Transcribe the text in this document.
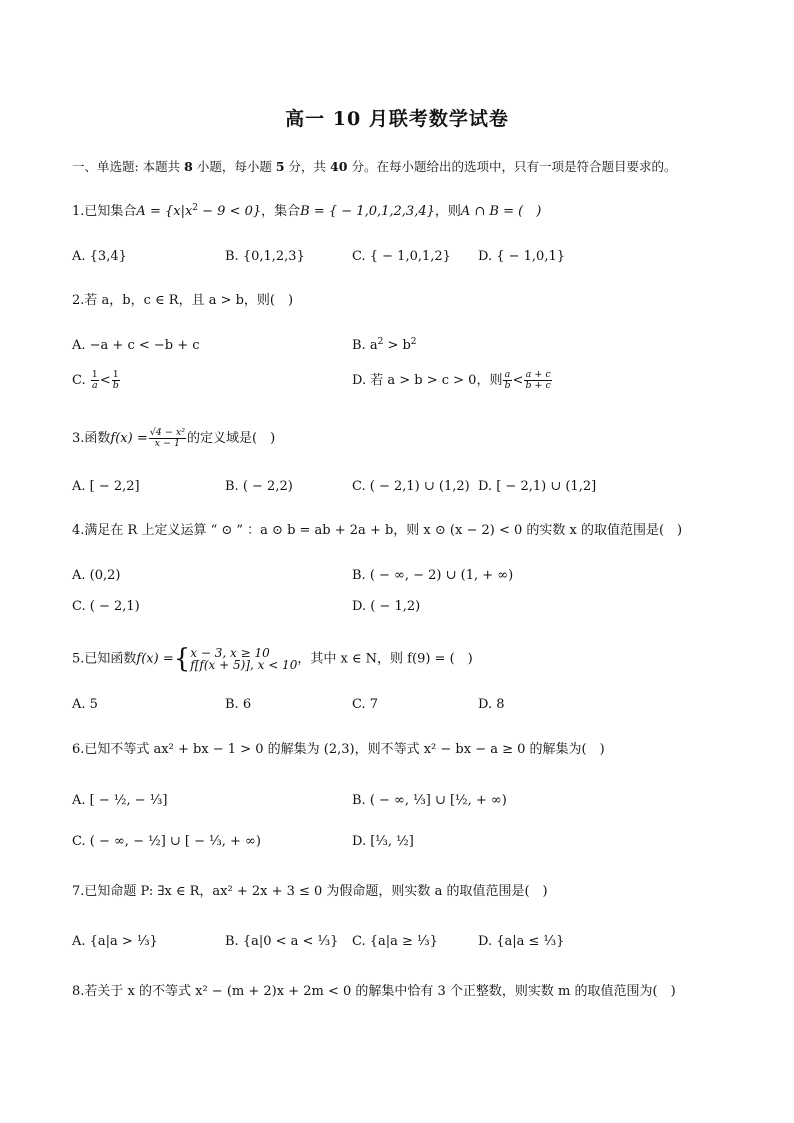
高一 10 月联考数学试卷
一、单选题: 本题共 8 小题，每小题 5 分，共 40 分。在每小题给出的选项中，只有一项是符合题目要求的。
1.已知集合$A = \{x|x^2 - 9 < 0\}$，集合B = { − 1,0,1,2,3,4}，则A ∩ B = (　)
A. {3,4}	B. {0,1,2,3}	C. { − 1,0,1,2} D. { − 1,0,1}
2.若 a，b，c ∈ R，且 a > b，则(　)
A. −a + c < −b + c	B. $a^2 > b^2$
C. $\frac{1}{a} < \frac{1}{b}$	D. 若 a > b > c > 0，则 $\frac{a}{b} < \frac{a + c}{b + c}$
3.函数$f(x) = \frac{\text{√4 − x²}}{x - 1}$ 的定义域是(　)
A. [ − 2,2]	B. ( − 2,2)	C. ( − 2,1) ∪ (1,2) D. [ − 2,1) ∪ (1,2]
4.满足在 R 上定义运算 “ ⊙ ” ：a ⊙ b = ab + 2a + b，则 x ⊙ (x − 2) < 0 的实数 x 的取值范围是(　)
A. (0,2)	B. ( − ∞, − 2) ∪ (1, + ∞)
C. ( − 2,1)	D. ( − 1,2)
5.已知函数f(x) ={ x − 3, x ≥ 10
f[f(x + 5)], x < 10 ，其中 x ∈ N，则 f(9) = (　)
A. 5	B. 6	C. 7	D. 8
6.已知不等式 ax² + bx − 1 > 0 的解集为 (2,3)，则不等式 x² − bx − a ≥ 0 的解集为(　)
A. [ − ½, − ⅓]	B. ( − ∞, ⅓] ∪ [½, + ∞)
C. ( − ∞, − ½] ∪ [ − ⅓, + ∞)	D. [⅓, ½]
7.已知命题 P: ∃x ∈ R，ax² + 2x + 3 ≤ 0 为假命题，则实数 a 的取值范围是(　)
A. {a|a > ⅓}	B. {a|0 < a < ⅓} C. {a|a ≥ ⅓}	D. {a|a ≤ ⅓}
8.若关于 x 的不等式 x² − (m + 2)x + 2m < 0 的解集中恰有 3 个正整数，则实数 m 的取值范围为(　)
